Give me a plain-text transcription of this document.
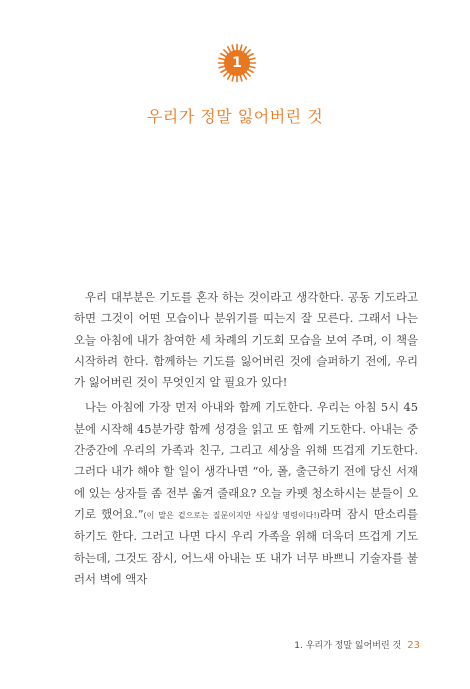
1
우리가 정말 잃어버린 것

우리 대부분은 기도를 혼자 하는 것이라고 생각한다. 공동 기도라고 하면 그것이 어떤 모습이나 분위기를 띠는지 잘 모른다. 그래서 나는 오늘 아침에 내가 참여한 세 차례의 기도회 모습을 보여 주며, 이 책을 시작하려 한다. 함께하는 기도를 잃어버린 것에 슬퍼하기 전에, 우리가 잃어버린 것이 무엇인지 알 필요가 있다!

나는 아침에 가장 먼저 아내와 함께 기도한다. 우리는 아침 5시 45분에 시작해 45분가량 함께 성경을 읽고 또 함께 기도한다. 아내는 중간중간에 우리의 가족과 친구, 그리고 세상을 위해 뜨겁게 기도한다. 그러다 내가 해야 할 일이 생각나면 “아, 폴, 출근하기 전에 당신 서재에 있는 상자들 좀 전부 옮겨 줄래요? 오늘 카펫 청소하시는 분들이 오기로 했어요.”(이 말은 겉으로는 질문이지만 사실상 명령이다!)라며 잠시 딴소리를 하기도 한다. 그러고 나면 다시 우리 가족을 위해 더욱더 뜨겁게 기도하는데, 그것도 잠시, 어느새 아내는 또 내가 너무 바쁘니 기술자를 불러서 벽에 액자

1. 우리가 정말 잃어버린 것 23
